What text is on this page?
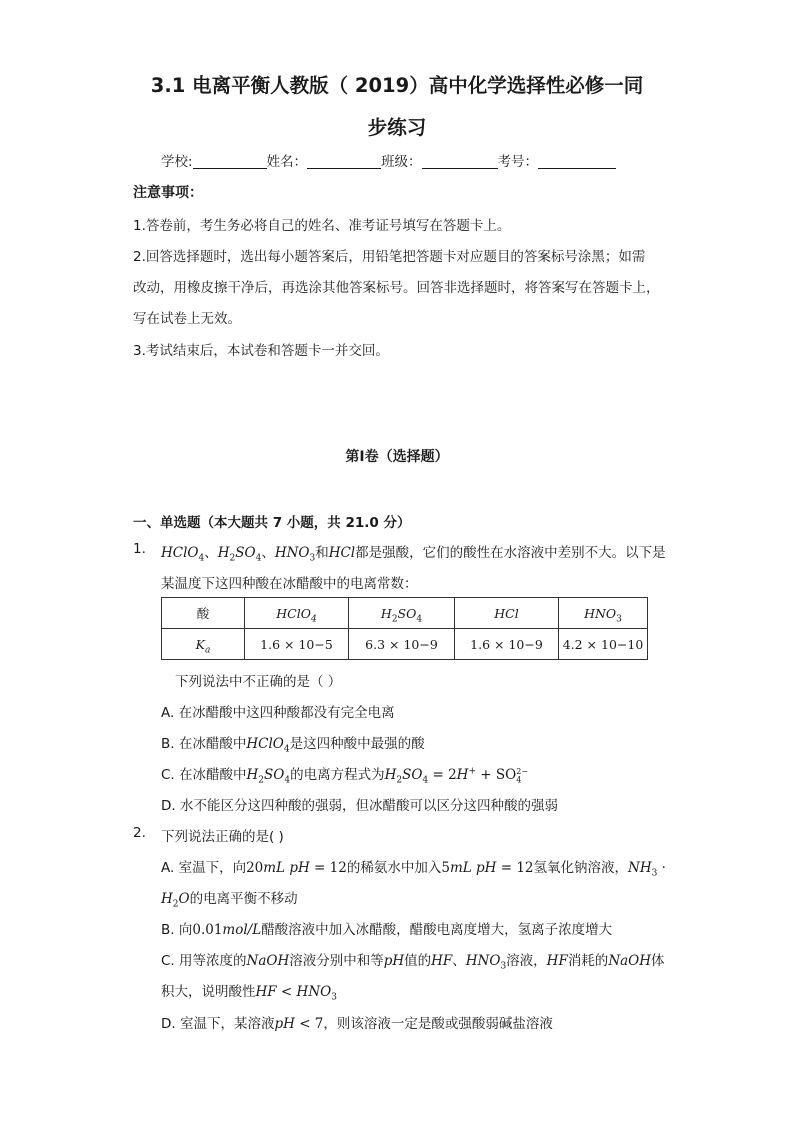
3.1 电离平衡人教版（ 2019）高中化学选择性必修一同
步练习
学校:	姓名：	班级：	考号：
注意事项：
1.答卷前，考生务必将自己的姓名、准考证号填写在答题卡上。
2.回答选择题时，选出每小题答案后，用铅笔把答题卡对应题目的答案标号涂黑；如需
改动，用橡皮擦干净后，再选涂其他答案标号。回答非选择题时，将答案写在答题卡上，
写在试卷上无效。
3.考试结束后，本试卷和答题卡一并交回。
第Ⅰ卷（选择题）
一、单选题（本大题共 7 小题，共 21.0 分）
1. HClO$_4$、$H_2SO_4$、$HNO_3$和HCl都是强酸，它们的酸性在水溶液中差别不大。以下是
某温度下这四种酸在冰醋酸中的电离常数：
酸	HClO$_4$	$H_2SO_4$	HCl	$HNO_3$
$K_a$	1.6 × 10−5	6.3 × 10−9	1.6 × 10−9	4.2 × 10−10
下列说法中不正确的是（ ）
A. 在冰醋酸中这四种酸都没有完全电离
B. 在冰醋酸中HClO$_4$是这四种酸中最强的酸
C. 在冰醋酸中$H_2SO_4$的电离方程式为$H_2SO_4 = 2H^+ + SO_4^{2-}$
D. 水不能区分这四种酸的强弱，但冰醋酸可以区分这四种酸的强弱
2. 下列说法正确的是( )
A. 室温下，向20mL pH = 12的稀氨水中加入5mL pH = 12氢氧化钠溶液，$NH_3$ ·
$H_2O$的电离平衡不移动
B. 向0.01mol/L醋酸溶液中加入冰醋酸，醋酸电离度增大，氢离子浓度增大
C. 用等浓度的NaOH溶液分别中和等pH值的HF、$HNO_3$溶液，HF消耗的NaOH体
积大，说明酸性HF < $HNO_3$
D. 室温下，某溶液pH < 7，则该溶液一定是酸或强酸弱碱盐溶液
